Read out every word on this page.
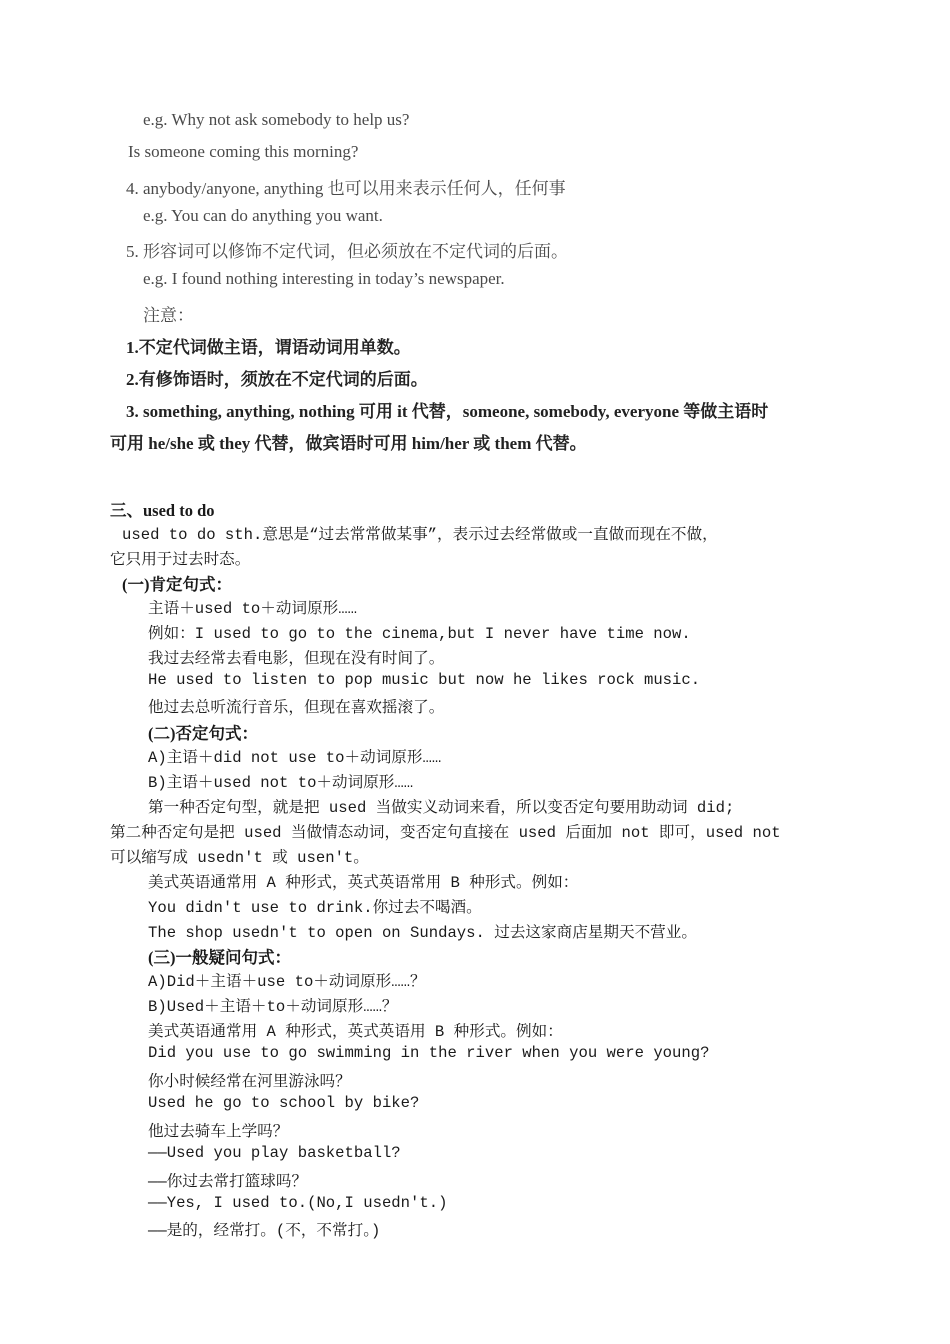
e.g. Why not ask somebody to help us?
Is someone coming this morning?
4. anybody/anyone, anything 也可以用来表示任何人，任何事
e.g. You can do anything you want.
5. 形容词可以修饰不定代词，但必须放在不定代词的后面。
e.g. I found nothing interesting in today’s newspaper.
注意：
1.不定代词做主语，谓语动词用单数。
2.有修饰语时，须放在不定代词的后面。
3. something, anything, nothing 可用 it 代替，someone, somebody, everyone 等做主语时
可用 he/she 或 they 代替，做宾语时可用 him/her 或 them 代替。
三、used to do
used to do sth.意思是“过去常常做某事”，表示过去经常做或一直做而现在不做，
它只用于过去时态。
(一)肯定句式：
主语＋used to＋动词原形……
例如：I used to go to the cinema,but I never have time now.
我过去经常去看电影，但现在没有时间了。
He used to listen to pop music but now he likes rock music.
他过去总听流行音乐，但现在喜欢摇滚了。
(二)否定句式：
A)主语＋did not use to＋动词原形……
B)主语＋used not to＋动词原形……
第一种否定句型，就是把 used 当做实义动词来看，所以变否定句要用助动词 did;
第二种否定句是把 used 当做情态动词，变否定句直接在 used 后面加 not 即可，used not
可以缩写成 usedn't 或 usen't。
美式英语通常用 A 种形式，英式英语常用 B 种形式。例如：
You didn't use to drink.你过去不喝酒。
The shop usedn't to open on Sundays. 过去这家商店星期天不营业。
(三)一般疑问句式：
A)Did＋主语＋use to＋动词原形……？
B)Used＋主语＋to＋动词原形……？
美式英语通常用 A 种形式，英式英语用 B 种形式。例如：
Did you use to go swimming in the river when you were young?
你小时候经常在河里游泳吗？
Used he go to school by bike?
他过去骑车上学吗？
——Used you play basketball?
——你过去常打篮球吗？
——Yes, I used to.(No,I usedn't.)
——是的，经常打。(不，不常打。)
